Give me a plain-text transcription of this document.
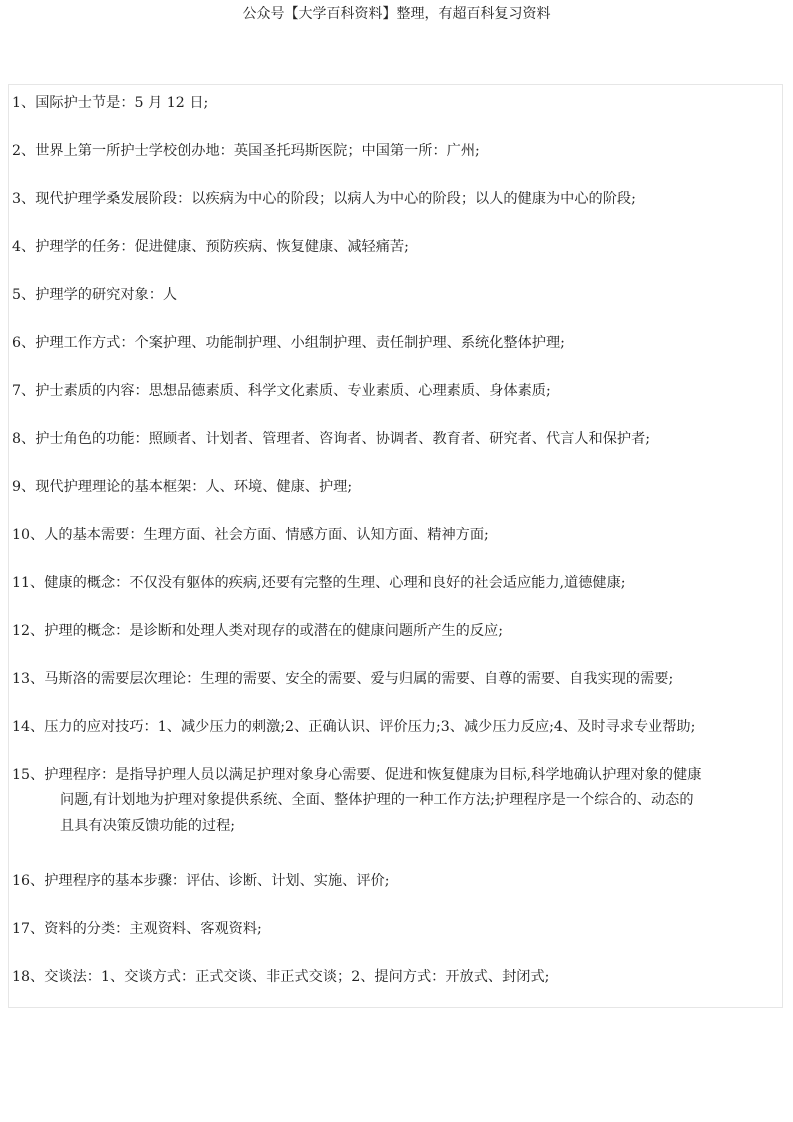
公众号【大学百科资料】整理，有超百科复习资料
1、国际护士节是：5 月 12 日;
2、世界上第一所护士学校创办地：英国圣托玛斯医院；中国第一所：广州;
3、现代护理学桑发展阶段：以疾病为中心的阶段；以病人为中心的阶段；以人的健康为中心的阶段;
4、护理学的任务：促进健康、预防疾病、恢复健康、减轻痛苦;
5、护理学的研究对象：人
6、护理工作方式：个案护理、功能制护理、小组制护理、责任制护理、系统化整体护理;
7、护士素质的内容：思想品德素质、科学文化素质、专业素质、心理素质、身体素质;
8、护士角色的功能：照顾者、计划者、管理者、咨询者、协调者、教育者、研究者、代言人和保护者;
9、现代护理理论的基本框架：人、环境、健康、护理;
10、人的基本需要：生理方面、社会方面、情感方面、认知方面、精神方面;
11、健康的概念：不仅没有躯体的疾病,还要有完整的生理、心理和良好的社会适应能力,道德健康;
12、护理的概念：是诊断和处理人类对现存的或潜在的健康问题所产生的反应;
13、马斯洛的需要层次理论：生理的需要、安全的需要、爱与归属的需要、自尊的需要、自我实现的需要;
14、压力的应对技巧：1、减少压力的刺激;2、正确认识、评价压力;3、减少压力反应;4、及时寻求专业帮助;
15、护理程序：是指导护理人员以满足护理对象身心需要、促进和恢复健康为目标,科学地确认护理对象的健康
问题,有计划地为护理对象提供系统、全面、整体护理的一种工作方法;护理程序是一个综合的、动态的
且具有决策反馈功能的过程;
16、护理程序的基本步骤：评估、诊断、计划、实施、评价;
17、资料的分类：主观资料、客观资料;
18、交谈法：1、交谈方式：正式交谈、非正式交谈；2、提问方式：开放式、封闭式;
